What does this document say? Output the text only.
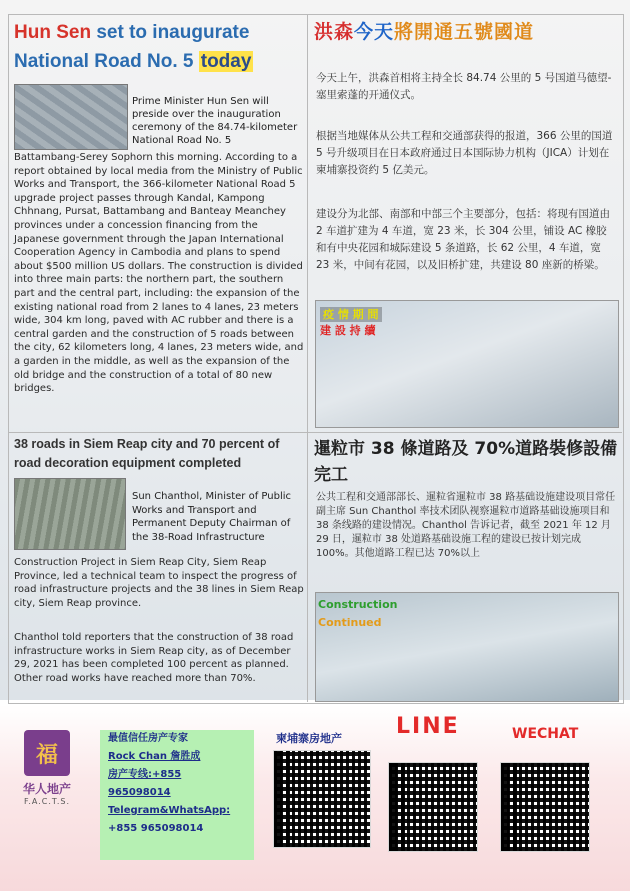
Hun Sen set to inaugurate National Road No. 5 today
Prime Minister Hun Sen will preside over the inauguration ceremony of the 84.74-kilometer National Road No. 5
Battambang-Serey Sophorn this morning. According to a report obtained by local media from the Ministry of Public Works and Transport, the 366-kilometer National Road 5 upgrade project passes through Kandal, Kampong Chhnang, Pursat, Battambang and Banteay Meanchey provinces under a concession financing from the Japanese government through the Japan International Cooperation Agency in Cambodia and plans to spend about $500 million US dollars. The construction is divided into three main parts: the northern part, the southern part and the central part, including: the expansion of the existing national road from 2 lanes to 4 lanes, 23 meters wide, 304 km long, paved with AC rubber and there is a central garden and the construction of 5 roads between the city, 62 kilometers long, 4 lanes, 23 meters wide, and a garden in the middle, as well as the expansion of the old bridge and the construction of a total of 80 new bridges.
38 roads in Siem Reap city and 70 percent of road decoration equipment completed
Sun Chanthol, Minister of Public Works and Transport and Permanent Deputy Chairman of the 38-Road Infrastructure
Construction Project in Siem Reap City, Siem Reap Province, led a technical team to inspect the progress of road infrastructure projects and the 38 lines in Siem Reap city, Siem Reap province.
Chanthol told reporters that the construction of 38 road infrastructure works in Siem Reap city, as of December 29, 2021 has been completed 100 percent as planned. Other road works have reached more than 70%.
洪森今天將開通五號國道
今天上午，洪森首相将主持全长 84.74 公里的 5 号国道马德望-塞里索蓬的开通仪式。
根据当地媒体从公共工程和交通部获得的报道，366 公里的国道 5 号升级项目在日本政府通过日本国际协力机构（JICA）计划在柬埔寨投资约 5 亿美元。
建设分为北部、南部和中部三个主要部分，包括：将现有国道由 2 车道扩建为 4 车道，宽 23 米，长 304 公里，铺设 AC 橡胶和有中央花园和城际建设 5 条道路，长 62 公里，4 车道，宽 23 米，中间有花园，以及旧桥扩建，共建设 80 座新的桥梁。
疫 情 期 間
建 設 持 續
暹粒市 38 條道路及 70%道路裝修設備完工
公共工程和交通部部长、暹粒省暹粒市 38 路基础设施建设项目常任副主席 Sun Chanthol 率技术团队视察暹粒市道路基础设施项目和 38 条线路的建设情况。Chanthol 告诉记者，截至 2021 年 12 月 29 日，暹粒市 38 处道路基础设施工程的建设已按计划完成 100%。其他道路工程已达 70%以上
Construction
Continued
福
华人地产
F.A.C.T.S.
最值信任房产专家
Rock Chan 詹胜成
房产专线:+855
965098014
Telegram&WhatsApp:
+855 965098014
柬埔寨房地产 LINE	WECHAT
